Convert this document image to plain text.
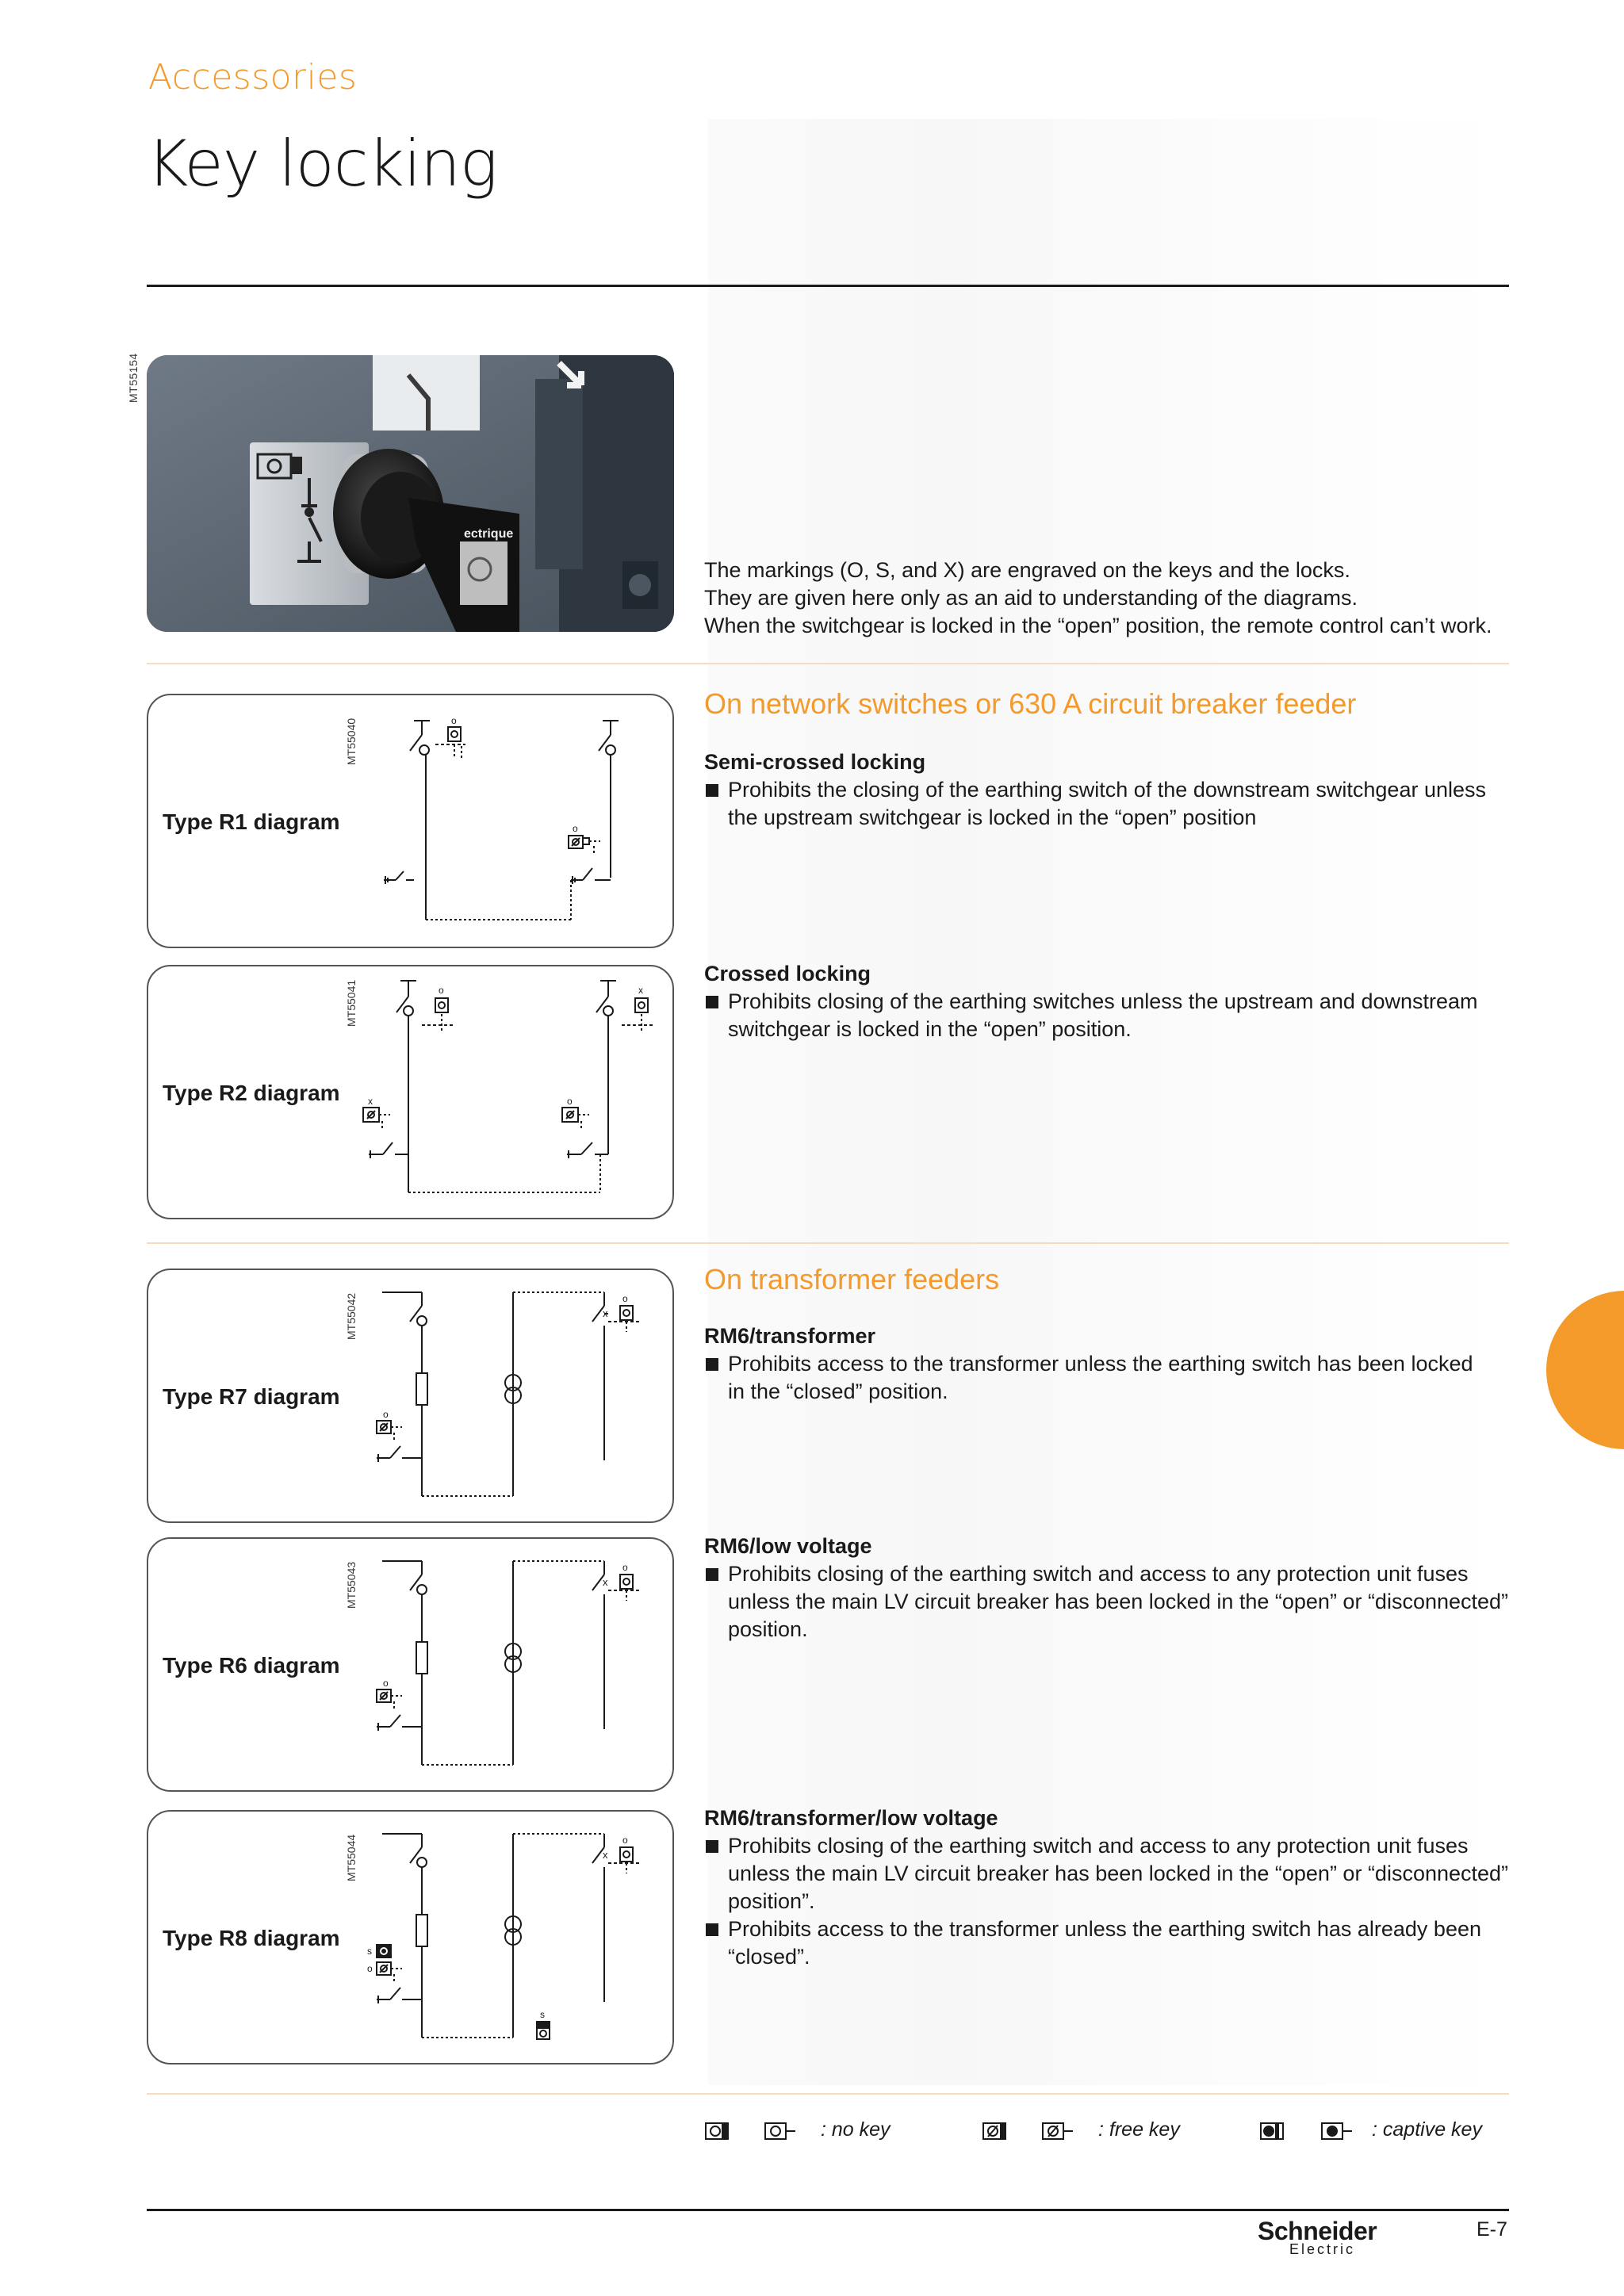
Accessories
Key locking
MT55154
ectrique
The markings (O, S, and X) are engraved on the keys and the locks.
They are given here only as an aid to understanding of the diagrams.
When the switchgear is locked in the “open” position, the remote control can’t work.
On network switches or 630 A circuit breaker feeder
Semi-crossed locking
Prohibits the closing of the earthing switch of the downstream switchgear unless
the upstream switchgear is locked in the “open” position
Crossed locking
Prohibits closing of the earthing switches unless the upstream and downstream
switchgear is locked in the “open” position.
Type R1 diagram
MT55040	o
o
Type R2 diagram
MT55041	o	x
x	o
On transformer feeders
RM6/transformer
Prohibits access to the transformer unless the earthing switch has been locked
in the “closed” position.
RM6/low voltage
Prohibits closing of the earthing switch and access to any protection unit fuses
unless the main LV circuit breaker has been locked in the “open” or “disconnected”
position.
RM6/transformer/low voltage
Prohibits closing of the earthing switch and access to any protection unit fuses
unless the main LV circuit breaker has been locked in the “open” or “disconnected”
position”.
Prohibits access to the transformer unless the earthing switch has already been
“closed”.
Type R7 diagram
MT55042
o
o
x
Type R6 diagram
MT55043
o
o
x
Type R8 diagram
MT55044
s
o
o
x
s
: no key	: free key	: captive key
Schneider
Electric
E-7
